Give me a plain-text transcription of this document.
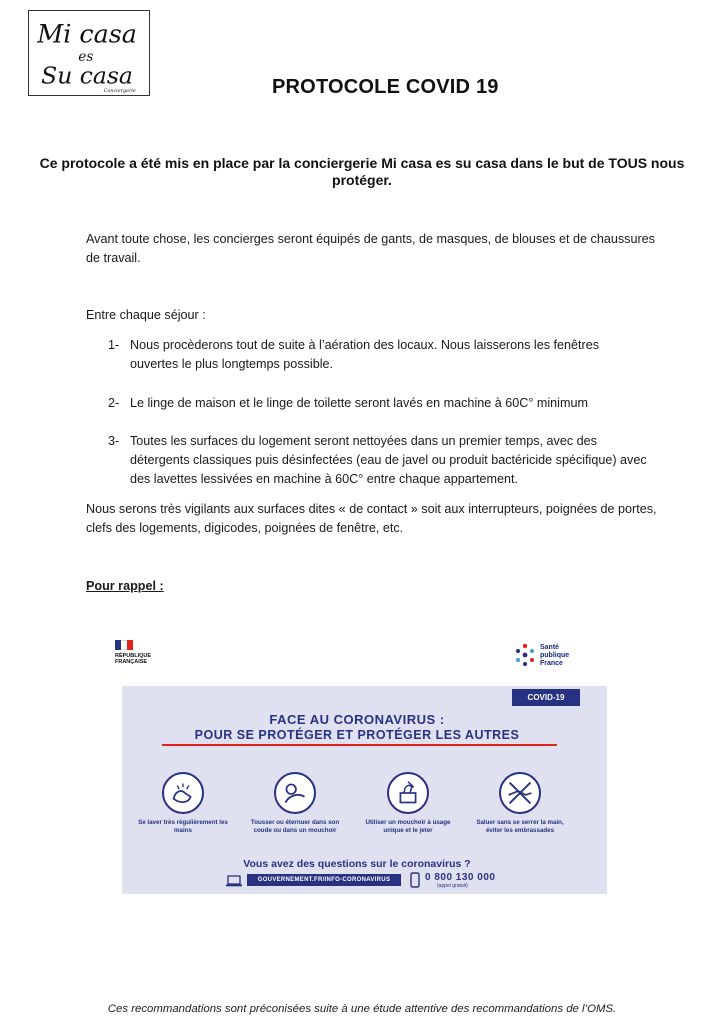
Mi casa
es
Su casa
Conciergerie	PROTOCOLE COVID 19
Ce protocole a été mis en place par la conciergerie Mi casa es su casa dans le but de TOUS nous protéger.
Avant toute chose, les concierges seront équipés de gants, de masques, de blouses et de chaussures de travail.
Entre chaque séjour :
1- Nous procèderons tout de suite à l’aération des locaux. Nous laisserons les fenêtres ouvertes le plus longtemps possible.
2- Le linge de maison et le linge de toilette seront lavés en machine à 60C° minimum
3- Toutes les surfaces du logement seront nettoyées dans un premier temps, avec des détergents classiques puis désinfectées (eau de javel ou produit bactéricide spécifique) avec des lavettes lessivées en machine à 60C° entre chaque appartement.
Nous serons très vigilants aux surfaces dites « de contact » soit aux interrupteurs, poignées de portes, clefs des logements, digicodes, poignées de fenêtre, etc.
Pour rappel :
RÉPUBLIQUE
FRANÇAISE
Santé
publique
France
COVID-19
FACE AU CORONAVIRUS :
POUR SE PROTÉGER ET PROTÉGER LES AUTRES
Se laver très régulièrement les mains
Tousser ou éternuer dans son coude ou dans un mouchoir
Utiliser un mouchoir à usage unique et le jeter
Saluer sans se serrer la main, éviter les embrassades
Vous avez des questions sur le coronavirus ?
GOUVERNEMENT.FR/INFO-CORONAVIRUS	0 800 130 000
(appel gratuit)
Ces recommandations sont préconisées suite à une étude attentive des recommandations de l’OMS.
